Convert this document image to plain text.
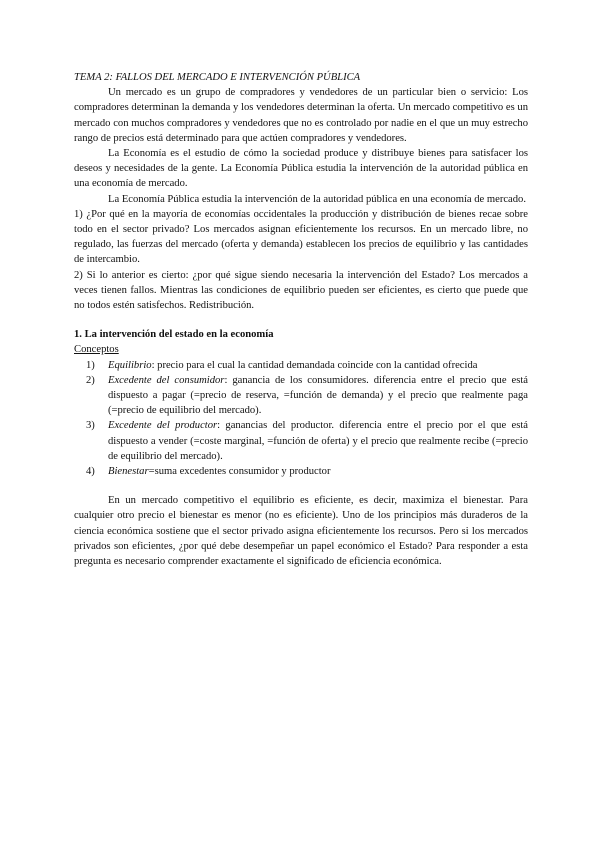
TEMA 2: FALLOS DEL MERCADO E INTERVENCIÓN PÚBLICA

Un mercado es un grupo de compradores y vendedores de un particular bien o servicio: Los compradores determinan la demanda y los vendedores determinan la oferta. Un mercado competitivo es un mercado con muchos compradores y vendedores que no es controlado por nadie en el que un muy estrecho rango de precios está determinado para que actúen compradores y vendedores.

La Economía es el estudio de cómo la sociedad produce y distribuye bienes para satisfacer los deseos y necesidades de la gente. La Economía Pública estudia la intervención de la autoridad pública en una economía de mercado.

La Economía Pública estudia la intervención de la autoridad pública en una economía de mercado.

1) ¿Por qué en la mayoría de economías occidentales la producción y distribución de bienes recae sobre todo en el sector privado? Los mercados asignan eficientemente los recursos. En un mercado libre, no regulado, las fuerzas del mercado (oferta y demanda) establecen los precios de equilibrio y las cantidades de intercambio.

2) Si lo anterior es cierto: ¿por qué sigue siendo necesaria la intervención del Estado? Los mercados a veces tienen fallos. Mientras las condiciones de equilibrio pueden ser eficientes, es cierto que puede que no todos estén satisfechos. Redistribución.

1. La intervención del estado en la economía

Conceptos

1) Equilibrio: precio para el cual la cantidad demandada coincide con la cantidad ofrecida
2) Excedente del consumidor: ganancia de los consumidores. diferencia entre el precio que está dispuesto a pagar (=precio de reserva, =función de demanda) y el precio que realmente paga (=precio de equilibrio del mercado).
3) Excedente del productor: ganancias del productor. diferencia entre el precio por el que está dispuesto a vender (=coste marginal, =función de oferta) y el precio que realmente recibe (=precio de equilibrio del mercado).
4) Bienestar=suma excedentes consumidor y productor

En un mercado competitivo el equilibrio es eficiente, es decir, maximiza el bienestar. Para cualquier otro precio el bienestar es menor (no es eficiente). Uno de los principios más duraderos de la ciencia económica sostiene que el sector privado asigna eficientemente los recursos. Pero si los mercados privados son eficientes, ¿por qué debe desempeñar un papel económico el Estado? Para responder a esta pregunta es necesario comprender exactamente el significado de eficiencia económica.
